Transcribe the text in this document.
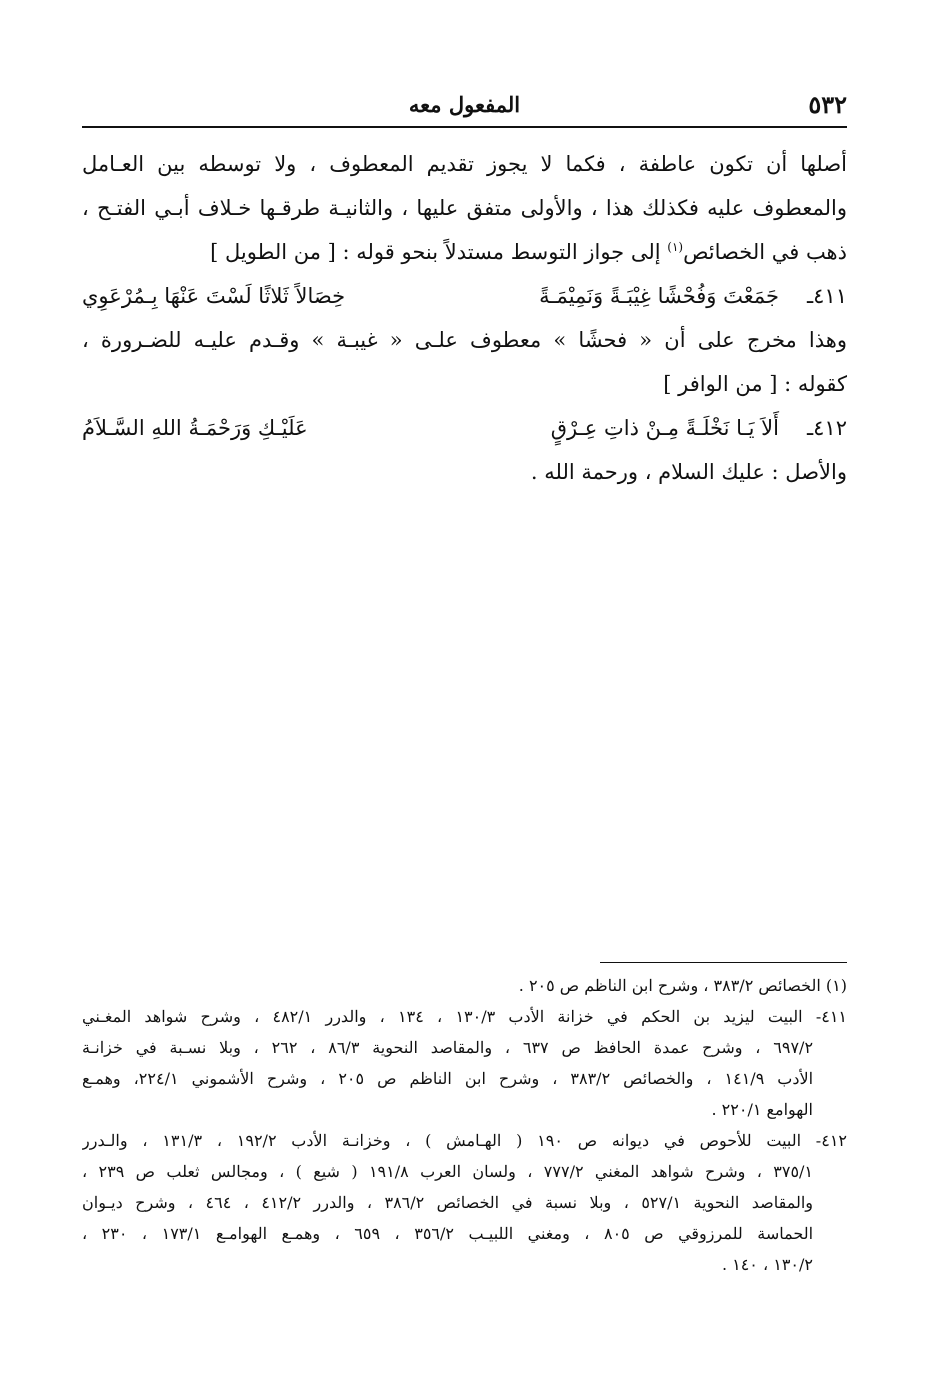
٥٣٢
المفعول معه
أصلها أن تكون عاطفة ، فكما لا يجوز تقديم المعطوف ، ولا توسطه بين العـامل
والمعطوف عليه فكذلك هذا ، والأولى متفق عليها ، والثانيـة طرقـها خـلاف أبـي الفتـح ،
ذهب في الخصائص$^{(١)}$ إلى جواز التوسط مستدلاً بنحو قوله : [ من الطويل ]
٤١١ـ
جَمَعْتَ وَفُحْشًا غِيْبَـةً وَنَمِيْمَـةً
خِصَالاً ثَلاثًا لَسْتَ عَنْهَا بِـمُرْعَوِي
وهذا مخرج على أن « فحشًا » معطوف علـى « غيبـة » وقـدم عليـه للضـرورة ،
كقوله : [ من الوافر ]
٤١٢ـ
أَلاَ يَـا نَخْلَـةً مِـنْ ذاتِ عِـرْقٍ
عَلَيْـكِ وَرَحْمَـةُ اللهِ السَّـلاَمُ
والأصل : عليك السلام ، ورحمة الله .
(١) الخصائص ٣٨٣/٢ ، وشرح ابن الناظم ص ٢٠٥ .
٤١١- البيت ليزيد بن الحكم في خزانة الأدب ١٣٠/٣ ، ١٣٤ ، والدرر ٤٨٢/١ ، وشرح شواهد المغـني
٦٩٧/٢ ، وشرح عمدة الحافظ ص ٦٣٧ ، والمقاصد النحوية ٨٦/٣ ، ٢٦٢ ، وبلا نسـبة في خزانـة
الأدب ١٤١/٩ ، والخصائص ٣٨٣/٢ ، وشرح ابن الناظم ص ٢٠٥ ، وشرح الأشموني ٢٢٤/١، وهمـع
الهوامع ٢٢٠/١ .
٤١٢- البيت للأحوص في ديوانه ص ١٩٠ ( الهـامش ) ، وخزانـة الأدب ١٩٢/٢ ، ١٣١/٣ ، والـدرر
٣٧٥/١ ، وشرح شواهد المغني ٧٧٧/٢ ، ولسان العرب ١٩١/٨ ( شيع ) ، ومجالس ثعلب ص ٢٣٩ ،
والمقاصد النحوية ٥٢٧/١ ، وبلا نسبة في الخصائص ٣٨٦/٢ ، والدرر ٤١٢/٢ ، ٤٦٤ ، وشرح ديـوان
الحماسة للمرزوقي ص ٨٠٥ ، ومغني اللبيـب ٣٥٦/٢ ، ٦٥٩ ، وهمـع الهوامـع ١٧٣/١ ، ٢٣٠ ،
١٣٠/٢ ، ١٤٠ .
